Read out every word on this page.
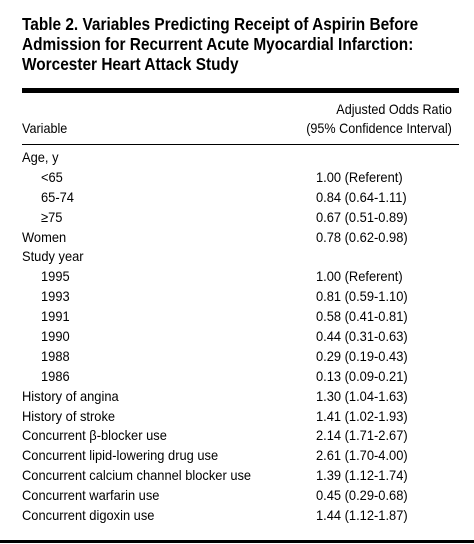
Table 2. Variables Predicting Receipt of Aspirin Before
Admission for Recurrent Acute Myocardial Infarction:
Worcester Heart Attack Study
Variable
Adjusted Odds Ratio
(95% Confidence Interval)
Age, y
<65	1.00 (Referent)
65-74	0.84 (0.64-1.11)
≥75	0.67 (0.51-0.89)
Women	0.78 (0.62-0.98)
Study year
1995	1.00 (Referent)
1993	0.81 (0.59-1.10)
1991	0.58 (0.41-0.81)
1990	0.44 (0.31-0.63)
1988	0.29 (0.19-0.43)
1986	0.13 (0.09-0.21)
History of angina	1.30 (1.04-1.63)
History of stroke	1.41 (1.02-1.93)
Concurrent β-blocker use	2.14 (1.71-2.67)
Concurrent lipid-lowering drug use	2.61 (1.70-4.00)
Concurrent calcium channel blocker use	1.39 (1.12-1.74)
Concurrent warfarin use	0.45 (0.29-0.68)
Concurrent digoxin use	1.44 (1.12-1.87)
